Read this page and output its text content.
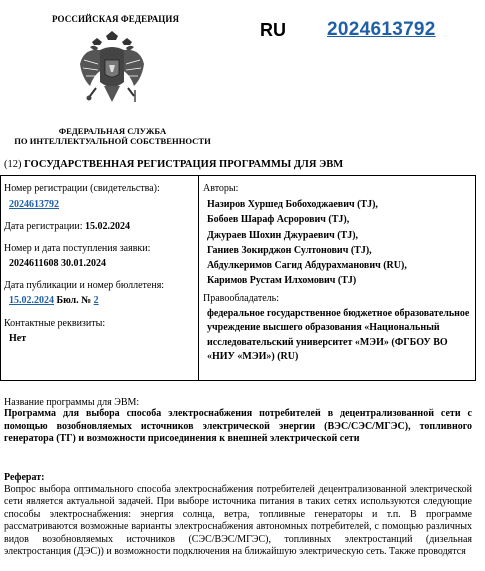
РОССИЙСКАЯ ФЕДЕРАЦИЯ
ФЕДЕРАЛЬНАЯ СЛУЖБА
ПО ИНТЕЛЛЕКТУАЛЬНОЙ СОБСТВЕННОСТИ
RU 2024613792
(12) ГОСУДАРСТВЕННАЯ РЕГИСТРАЦИЯ ПРОГРАММЫ ДЛЯ ЭВМ
Номер регистрации (свидетельства):
2024613792
Дата регистрации: 15.02.2024
Номер и дата поступления заявки:
2024611608 30.01.2024
Дата публикации и номер бюллетеня:
15.02.2024 Бюл. № 2
Контактные реквизиты:
Нет
Авторы:
Назиров Хуршед Бобоходжаевич (TJ),
Бобоев Шараф Асрорович (TJ),
Джураев Шохин Джураевич (TJ),
Ганиев Зокирджон Султонович (TJ),
Абдулкеримов Сагид Абдурахманович (RU),
Каримов Рустам Илхомович (TJ)
Правообладатель:
федеральное государственное бюджетное образовательное учреждение высшего образования «Национальный исследовательский университет «МЭИ» (ФГБОУ ВО «НИУ «МЭИ») (RU)
Название программы для ЭВМ:
Программа для выбора способа электроснабжения потребителей в децентрализованной сети с помощью возобновляемых источников электрической энергии (ВЭС/СЭС/МГЭС), топливного генератора (ТГ) и возможности присоединения к внешней электрической сети
Реферат:
Вопрос выбора оптимального способа электроснабжения потребителей децентрализованной электрической сети является актуальной задачей. При выборе источника питания в таких сетях используются следующие способы электроснабжения: энергия солнца, ветра, топливные генераторы и т.п. В программе рассматриваются возможные варианты электроснабжения автономных потребителей, с помощью различных видов возобновляемых источников (СЭС/ВЭС/МГЭС), топливных электростанций (дизельная электростанция (ДЭС)) и возможности подключения на ближайшую электрическую сеть. Также проводятся
